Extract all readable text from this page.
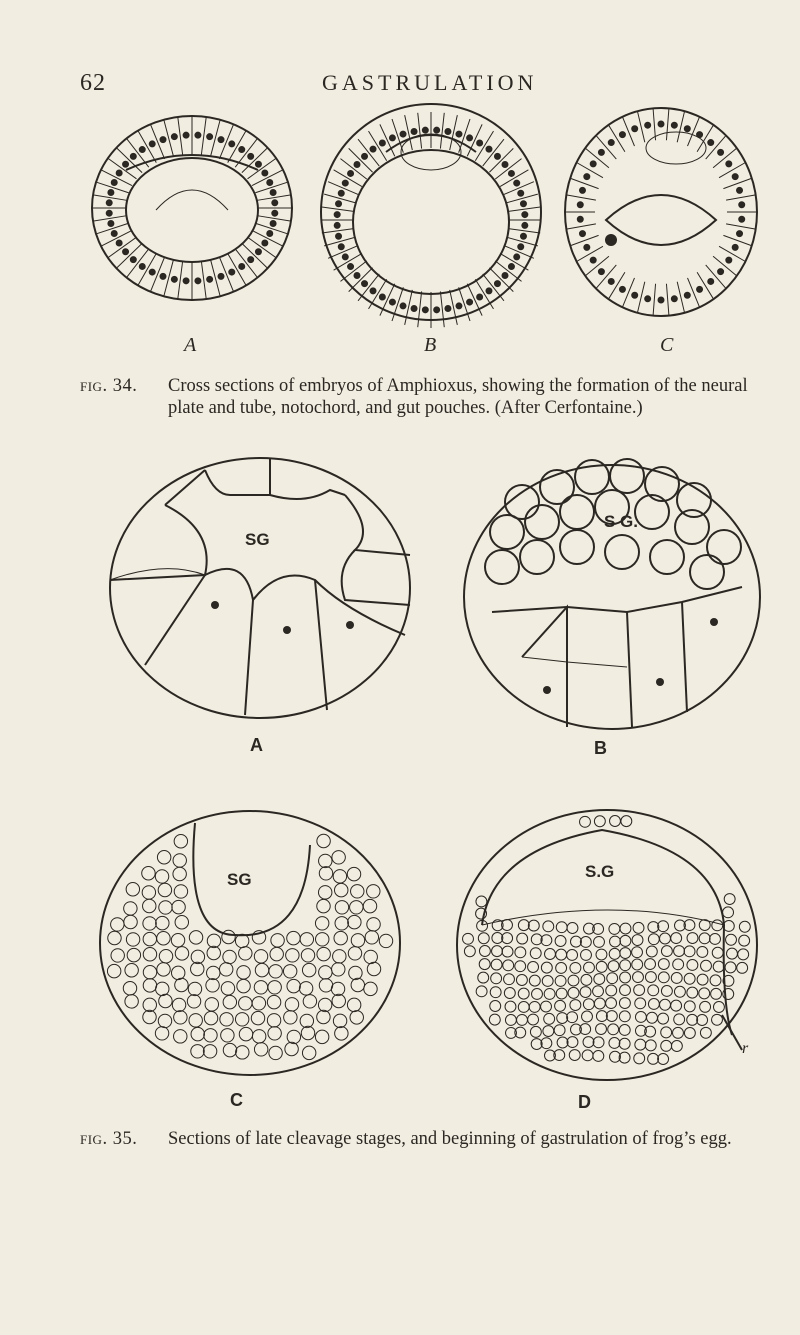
62	GASTRULATION
A	B	C
fig. 34. Cross sections of embryos of Amphioxus, showing the formation of the neural
plate and tube, notochord, and gut pouches. (After Cerfontaine.)
SG
A
S G.
B
SG
C
S.G
r
D
fig. 35. Sections of late cleavage stages, and beginning of gastrulation of frog’s egg.
